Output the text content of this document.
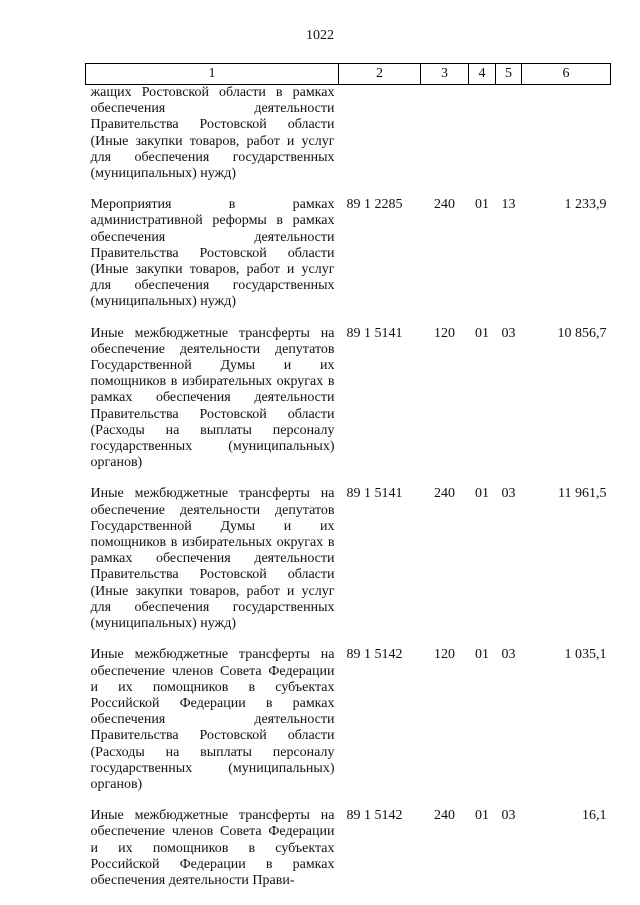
1022
1	2	3	4	5	6
жащих Ростовской области в рамках обеспечения деятельности Правительства Ростовской области (Иные закупки товаров, работ и услуг для обеспечения государственных (муниципальных) нужд)					
Мероприятия в рамках административной реформы в рамках обеспечения деятельности Правительства Ростовской области (Иные закупки товаров, работ и услуг для обеспечения государственных (муниципальных) нужд)	89 1 2285	240	01	13	1 233,9
Иные межбюджетные трансферты на обеспечение деятельности депутатов Государственной Думы и их помощников в избирательных округах в рамках обеспечения деятельности Правительства Ростовской области (Расходы на выплаты персоналу государственных (муниципальных) органов)	89 1 5141	120	01	03	10 856,7
Иные межбюджетные трансферты на обеспечение деятельности депутатов Государственной Думы и их помощников в избирательных округах в рамках обеспечения деятельности Правительства Ростовской области (Иные закупки товаров, работ и услуг для обеспечения государственных (муниципальных) нужд)	89 1 5141	240	01	03	11 961,5
Иные межбюджетные трансферты на обеспечение членов Совета Федерации и их помощников в субъектах Российской Федерации в рамках обеспечения деятельности Правительства Ростовской области (Расходы на выплаты персоналу государственных (муниципальных) органов)	89 1 5142	120	01	03	1 035,1
Иные межбюджетные трансферты на обеспечение членов Совета Федерации и их помощников в субъектах Российской Федерации в рамках обеспечения деятельности Прави-	89 1 5142	240	01	03	16,1
